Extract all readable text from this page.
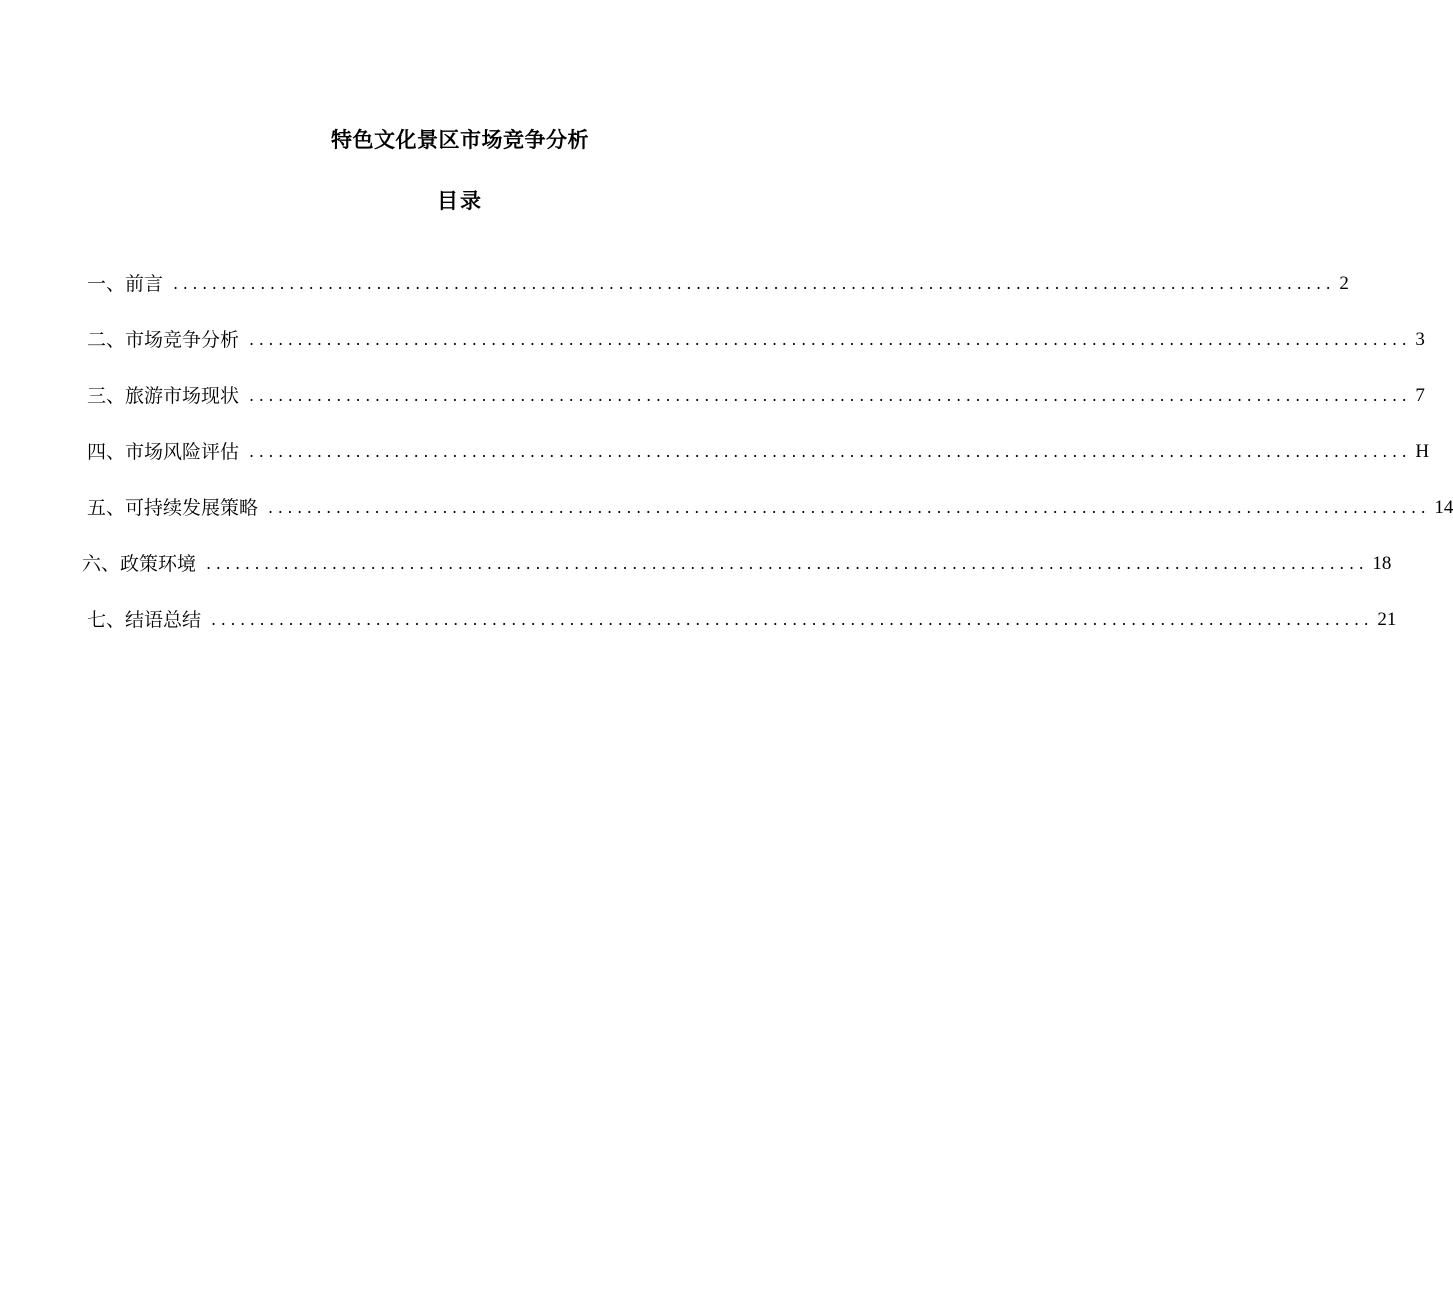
特色文化景区市场竞争分析
目录
一、前言 ........................................................................................................................ 2
二、市场竞争分析 ........................................................................................................................ 3
三、旅游市场现状 ........................................................................................................................ 7
四、市场风险评估 ........................................................................................................................ H
五、可持续发展策略 ........................................................................................................................ 14
六、政策环境 ........................................................................................................................ 18
七、结语总结 ........................................................................................................................ 21
